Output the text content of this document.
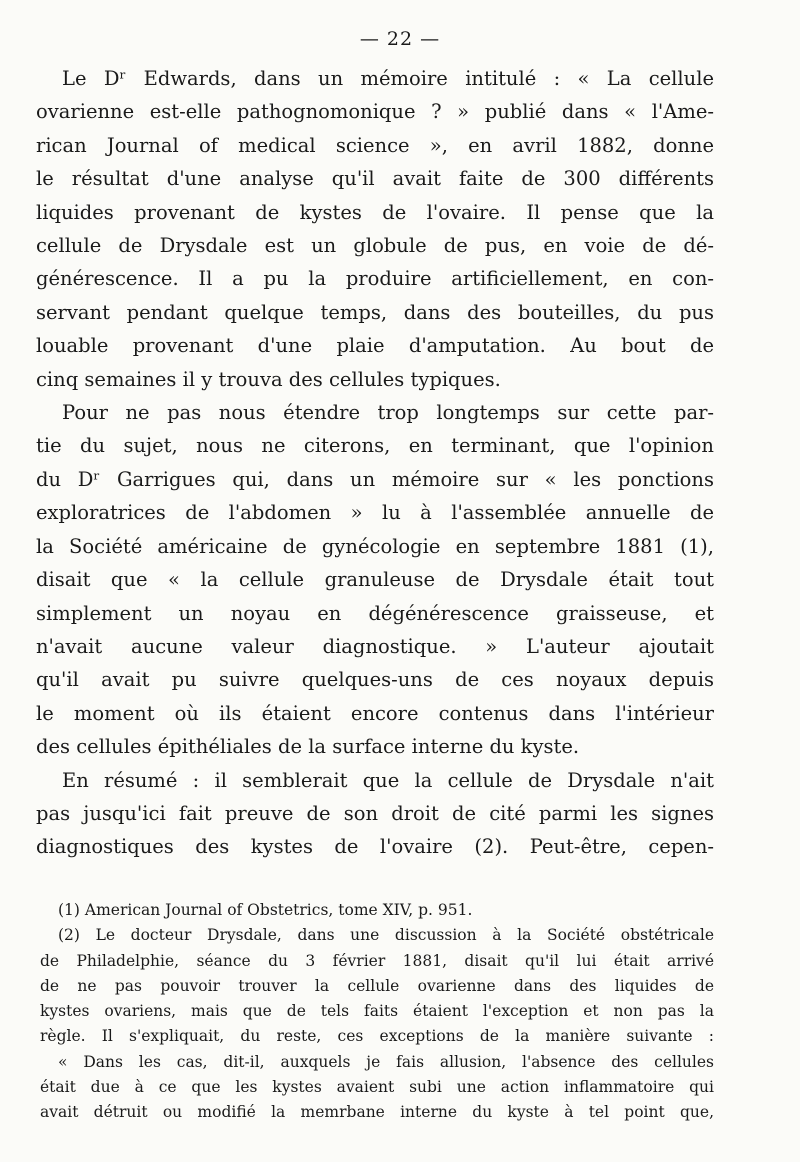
— 22 —
Le Dʳ Edwards, dans un mémoire intitulé : « La cellule
ovarienne est-elle pathognomonique ? » publié dans « l'Ame-
rican Journal of medical science », en avril 1882, donne
le résultat d'une analyse qu'il avait faite de 300 différents
liquides provenant de kystes de l'ovaire. Il pense que la
cellule de Drysdale est un globule de pus, en voie de dé-
générescence. Il a pu la produire artificiellement, en con-
servant pendant quelque temps, dans des bouteilles, du pus
louable provenant d'une plaie d'amputation. Au bout de
cinq semaines il y trouva des cellules typiques.
Pour ne pas nous étendre trop longtemps sur cette par-
tie du sujet, nous ne citerons, en terminant, que l'opinion
du Dʳ Garrigues qui, dans un mémoire sur « les ponctions
exploratrices de l'abdomen » lu à l'assemblée annuelle de
la Société américaine de gynécologie en septembre 1881 (1),
disait que « la cellule granuleuse de Drysdale était tout
simplement un noyau en dégénérescence graisseuse, et
n'avait aucune valeur diagnostique. » L'auteur ajoutait
qu'il avait pu suivre quelques-uns de ces noyaux depuis
le moment où ils étaient encore contenus dans l'intérieur
des cellules épithéliales de la surface interne du kyste.
En résumé : il semblerait que la cellule de Drysdale n'ait
pas jusqu'ici fait preuve de son droit de cité parmi les signes
diagnostiques des kystes de l'ovaire (2). Peut-être, cepen-
(1) American Journal of Obstetrics, tome XIV, p. 951.
(2) Le docteur Drysdale, dans une discussion à la Société obstétricale
de Philadelphie, séance du 3 février 1881, disait qu'il lui était arrivé
de ne pas pouvoir trouver la cellule ovarienne dans des liquides de
kystes ovariens, mais que de tels faits étaient l'exception et non pas la
règle. Il s'expliquait, du reste, ces exceptions de la manière suivante :
« Dans les cas, dit-il, auxquels je fais allusion, l'absence des cellules
était due à ce que les kystes avaient subi une action inflammatoire qui
avait détruit ou modifié la memrbane interne du kyste à tel point que,
